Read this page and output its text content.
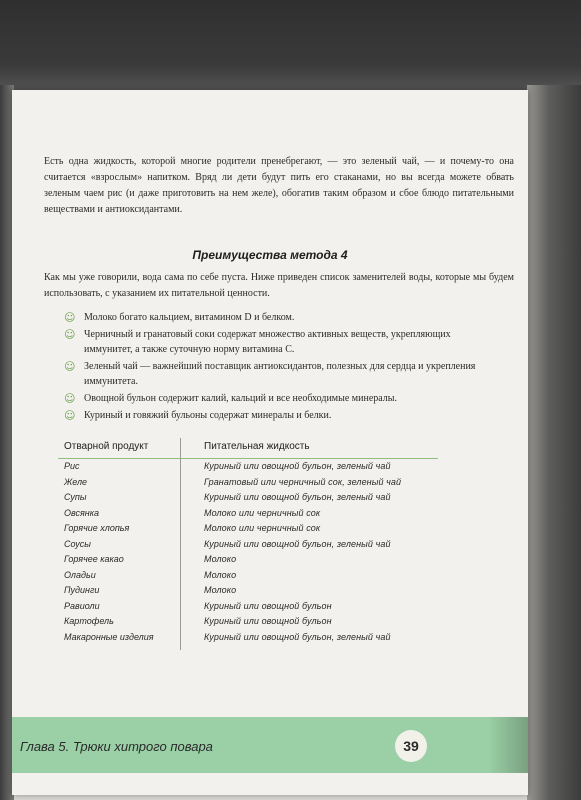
Есть одна жидкость, которой многие родители пренебрегают, — это зеленый чай, — и почему-то она считается «взрослым» напитком. Вряд ли дети будут пить его стаканами, но вы всегда можете обвать зеленым чаем рис (и даже приготовить на нем желе), обогатив таким образом и сбое блюдо питательными веществами и антиоксидантами.

Преимущества метода 4

Как мы уже говорили, вода сама по себе пуста. Ниже приведен список заменителей воды, которые мы будем использовать, с указанием их питательной ценности.

☺ Молоко богато кальцием, витамином D и белком.
☺ Черничный и гранатовый соки содержат множество активных веществ, укрепляющих иммунитет, а также суточную норму витамина C.
☺ Зеленый чай — важнейший поставщик антиоксидантов, полезных для сердца и укрепления иммунитета.
☺ Овощной бульон содержит калий, кальций и все необходимые минералы.
☺ Куриный и говяжий бульоны содержат минералы и белки.
Отварной продукт	Питательная жидкость
Рис	Куриный или овощной бульон, зеленый чай
Желе	Гранатовый или черничный сок, зеленый чай
Супы	Куриный или овощной бульон, зеленый чай
Овсянка	Молоко или черничный сок
Горячие хлопья	Молоко или черничный сок
Соусы	Куриный или овощной бульон, зеленый чай
Горячее какао	Молоко
Оладьи	Молоко
Пудинги	Молоко
Равиоли	Куриный или овощной бульон
Картофель	Куриный или овощной бульон
Макаронные изделия	Куриный или овощной бульон, зеленый чай
Глава 5. Трюки хитрого повара	39
